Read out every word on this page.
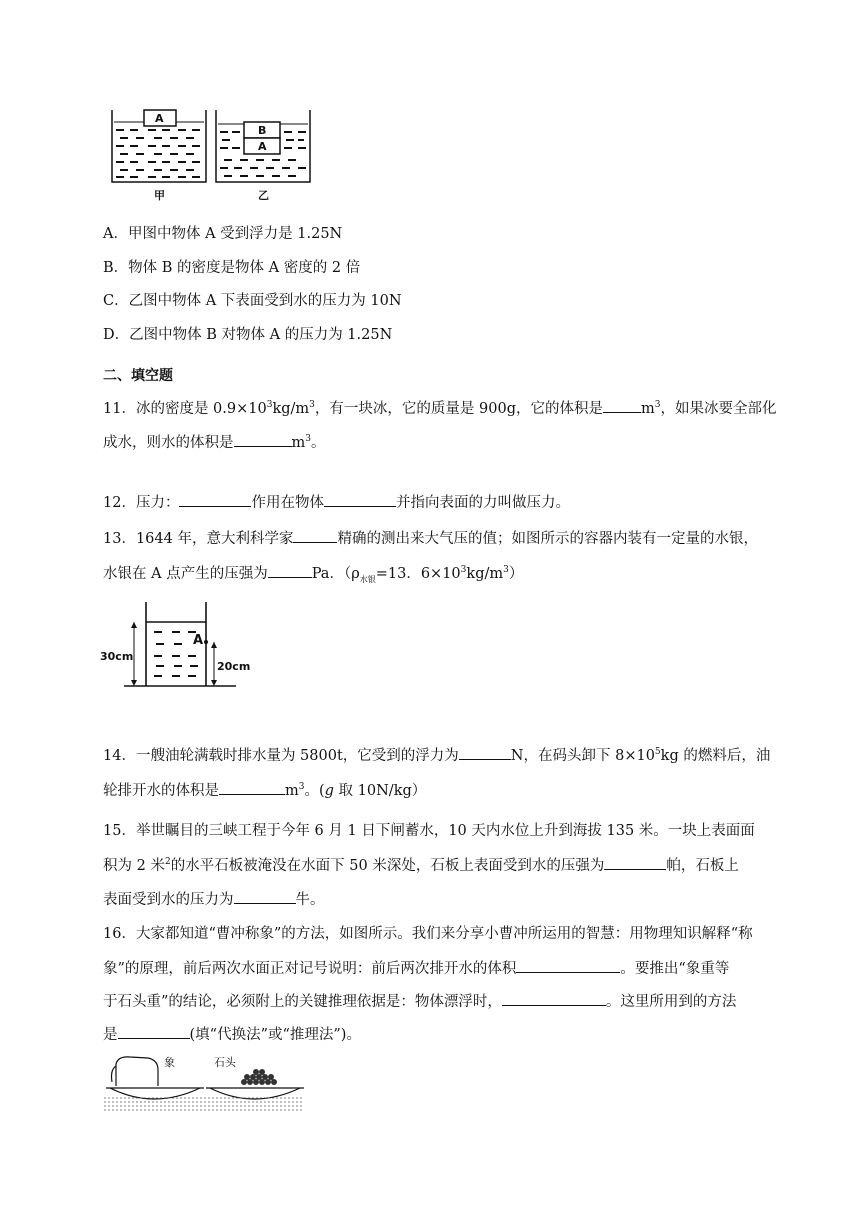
A
B
A
甲	乙
A．甲图中物体 A 受到浮力是 1.25N
B．物体 B 的密度是物体 A 密度的 2 倍
C．乙图中物体 A 下表面受到水的压力为 10N
D．乙图中物体 B 对物体 A 的压力为 1.25N
二、填空题
11．冰的密度是 $0.9\times 10^3kg/m^3$，有一块冰，它的质量是 900g，它的体积是	$m^3$，如果冰要全部化
成水，则水的体积是	$m^3$。
12．压力：	作用在物体	并指向表面的力叫做压力。
13．1644 年，意大利科学家	精确的测出来大气压的值；如图所示的容器内装有一定量的水银，
水银在 A 点产生的压强为	Pa．（$\rho_{水银}=13$．$6\times 10^3kg/m^3$）
A
30cm
20cm
14．一艘油轮满载时排水量为 5800t，它受到的浮力为	N，在码头卸下 $8\times 10^5kg$ 的燃料后，油
轮排开水的体积是	$m^3$。(g 取 10N/kg）
15．举世瞩目的三峡工程于今年 6 月 1 日下闸蓄水，10 天内水位上升到海拔 135 米。一块上表面面
积为 2 米$^2$的水平石板被淹没在水面下 50 米深处，石板上表面受到水的压强为	帕，石板上
表面受到水的压力为	牛。
16．大家都知道“曹冲称象”的方法，如图所示。我们来分享小曹冲所运用的智慧：用物理知识解释“称
象”的原理，前后两次水面正对记号说明：前后两次排开水的体积	。要推出“象重等
于石头重”的结论，必须附上的关键推理依据是：物体漂浮时，	。这里所用到的方法
是	(填“代换法”或“推理法”)。
象	石头
